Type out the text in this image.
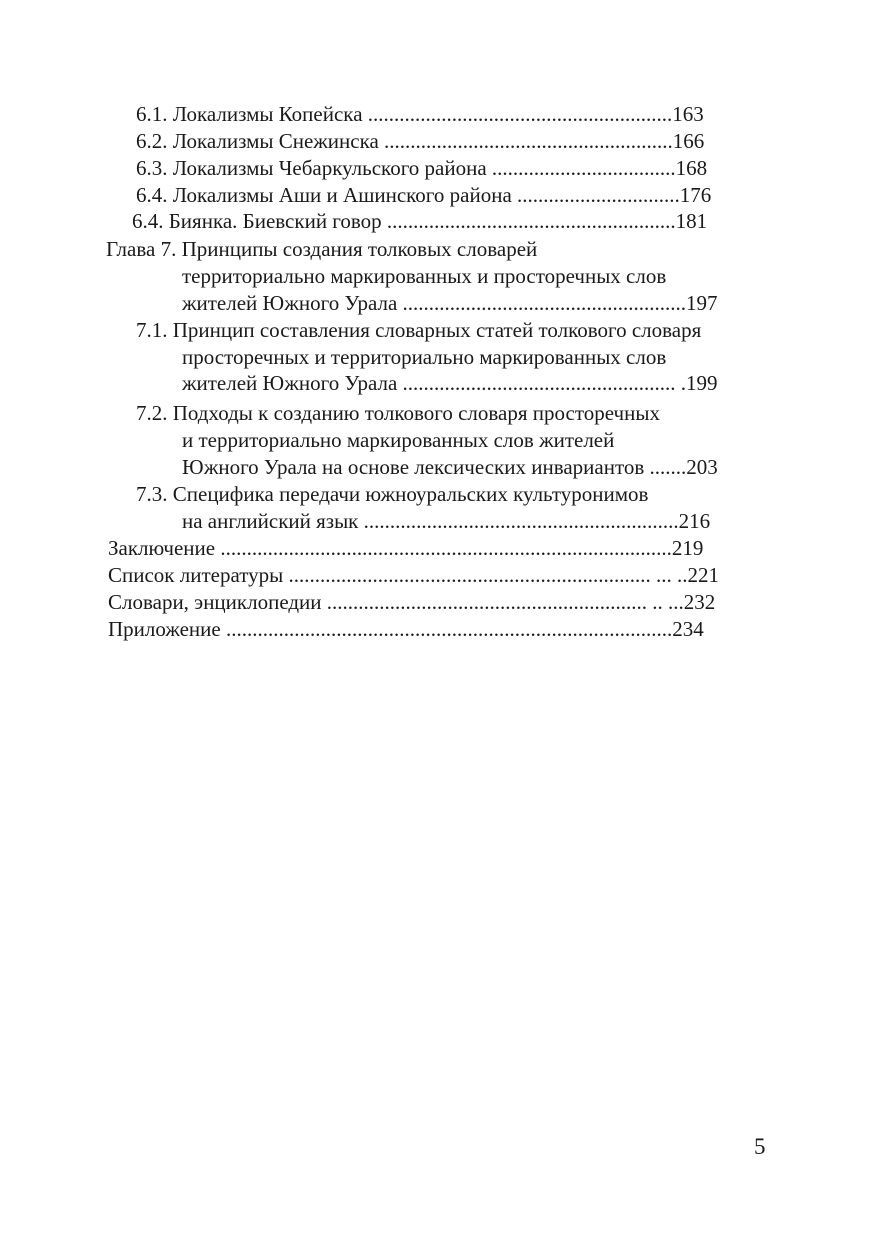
6.1. Локализмы Копейска ..........................................................163

6.2. Локализмы Снежинска .......................................................166

6.3. Локализмы Чебаркульского района ...................................168

6.4. Локализмы Аши и Ашинского района ...............................176

6.4. Биянка. Биевский говор .......................................................181

Глава 7. Принципы создания толковых словарей

территориально маркированных и просторечных слов

жителей Южного Урала ......................................................197

7.1. Принцип составления словарных статей толкового словаря

просторечных и территориально маркированных слов

жителей Южного Урала .................................................... .199

7.2. Подходы к созданию толкового словаря просторечных

и территориально маркированных слов жителей

Южного Урала на основе лексических инвариантов .......203

7.3. Специфика передачи южноуральских культуронимов

на английский язык ............................................................216

Заключение ......................................................................................219

Список литературы ..................................................................... ... ..221

Словари, энциклопедии ............................................................. .. ...232

Приложение .....................................................................................234

5
